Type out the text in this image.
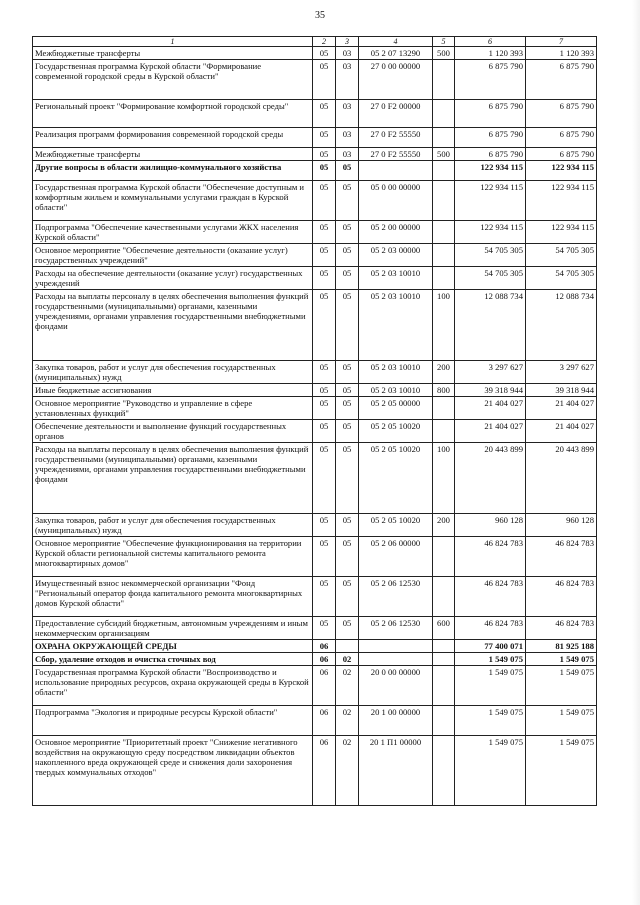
35
1	2	3	4	5	6	7
Межбюджетные трансферты	05	03	05 2 07 13290	500	1 120 393	1 120 393
Государственная программа Курской области "Формирование современной городской среды в Курской области"	05	03	27 0 00 00000		6 875 790	6 875 790
Региональный проект "Формирование комфортной городской среды"	05	03	27 0 F2 00000		6 875 790	6 875 790
Реализация программ формирования современной городской среды	05	03	27 0 F2 55550		6 875 790	6 875 790
Межбюджетные трансферты	05	03	27 0 F2 55550	500	6 875 790	6 875 790
Другие вопросы в области жилищно-коммунального хозяйства	05	05			122 934 115	122 934 115
Государственная программа Курской области "Обеспечение доступным и комфортным жильем и коммунальными услугами граждан в Курской области"	05	05	05 0 00 00000		122 934 115	122 934 115
Подпрограмма "Обеспечение качественными услугами ЖКХ населения Курской области"	05	05	05 2 00 00000		122 934 115	122 934 115
Основное мероприятие "Обеспечение деятельности (оказание услуг) государственных учреждений"	05	05	05 2 03 00000		54 705 305	54 705 305
Расходы на обеспечение деятельности (оказание услуг) государственных учреждений	05	05	05 2 03 10010		54 705 305	54 705 305
Расходы на выплаты персоналу в целях обеспечения выполнения функций государственными (муниципальными) органами, казенными учреждениями, органами управления государственными внебюджетными фондами	05	05	05 2 03 10010	100	12 088 734	12 088 734
Закупка товаров, работ и услуг для обеспечения государственных (муниципальных) нужд	05	05	05 2 03 10010	200	3 297 627	3 297 627
Иные бюджетные ассигнования	05	05	05 2 03 10010	800	39 318 944	39 318 944
Основное мероприятие "Руководство и управление в сфере установленных функций"	05	05	05 2 05 00000		21 404 027	21 404 027
Обеспечение деятельности и выполнение функций государственных органов	05	05	05 2 05 10020		21 404 027	21 404 027
Расходы на выплаты персоналу в целях обеспечения выполнения функций государственными (муниципальными) органами, казенными учреждениями, органами управления государственными внебюджетными фондами	05	05	05 2 05 10020	100	20 443 899	20 443 899
Закупка товаров, работ и услуг для обеспечения государственных (муниципальных) нужд	05	05	05 2 05 10020	200	960 128	960 128
Основное мероприятие "Обеспечение функционирования на территории Курской области региональной системы капитального ремонта многоквартирных домов"	05	05	05 2 06 00000		46 824 783	46 824 783
Имущественный взнос некоммерческой организации "Фонд "Региональный оператор фонда капитального ремонта многоквартирных домов Курской области"	05	05	05 2 06 12530		46 824 783	46 824 783
Предоставление субсидий бюджетным, автономным учреждениям и иным некоммерческим организациям	05	05	05 2 06 12530	600	46 824 783	46 824 783
ОХРАНА ОКРУЖАЮЩЕЙ СРЕДЫ	06				77 400 071	81 925 188
Сбор, удаление отходов и очистка сточных вод	06	02			1 549 075	1 549 075
Государственная программа Курской области "Воспроизводство и использование природных ресурсов, охрана окружающей среды в Курской области"	06	02	20 0 00 00000		1 549 075	1 549 075
Подпрограмма "Экология и природные ресурсы Курской области"	06	02	20 1 00 00000		1 549 075	1 549 075
Основное мероприятие "Приоритетный проект "Снижение негативного воздействия на окружающую среду посредством ликвидации объектов накопленного вреда окружающей среде и снижения доли захоронения твердых коммунальных отходов"	06	02	20 1 П1 00000		1 549 075	1 549 075
